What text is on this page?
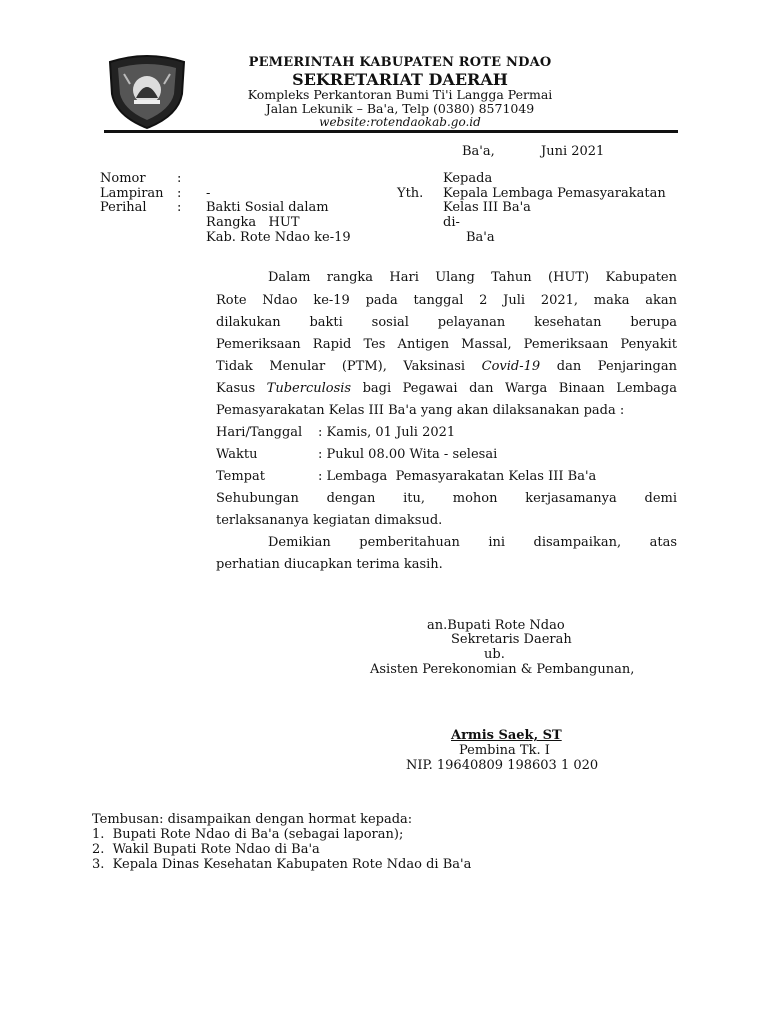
PEMERINTAH KABUPATEN ROTE NDAO
SEKRETARIAT DAERAH
Kompleks Perkantoran Bumi Ti'i Langga Permai
Jalan Lekunik – Ba'a, Telp (0380) 8571049
website:rotendaokab.go.id
Ba'a,	Juni 2021
Nomor :
Lampiran : -
Perihal : Bakti Sosial dalam
Rangka   HUT
Kab. Rote Ndao ke-19
Kepada
Yth. Kepala Lembaga Pemasyarakatan
Kelas III Ba'a
di-
Ba'a
Dalam rangka Hari Ulang Tahun (HUT) Kabupaten
Rote Ndao ke-19 pada tanggal 2 Juli 2021, maka akan
dilakukan bakti sosial pelayanan kesehatan berupa
Pemeriksaan Rapid Tes Antigen Massal, Pemeriksaan Penyakit
Tidak Menular (PTM), Vaksinasi Covid-19 dan Penjaringan
Kasus Tuberculosis bagi Pegawai dan Warga Binaan Lembaga
Pemasyarakatan Kelas III Ba'a yang akan dilaksanakan pada :
Hari/Tanggal : Kamis, 01 Juli 2021
Waktu	: Pukul 08.00 Wita - selesai
Tempat	: Lembaga  Pemasyarakatan Kelas III Ba'a
Sehubungan dengan itu, mohon kerjasamanya demi
terlaksananya kegiatan dimaksud.
Demikian pemberitahuan ini disampaikan, atas
perhatian diucapkan terima kasih.
an.Bupati Rote Ndao
Sekretaris Daerah
ub.
Asisten Perekonomian & Pembangunan,
Armis Saek, ST
Pembina Tk. I
NIP. 19640809 198603 1 020
Tembusan: disampaikan dengan hormat kepada:
1.  Bupati Rote Ndao di Ba'a (sebagai laporan);
2.  Wakil Bupati Rote Ndao di Ba'a
3.  Kepala Dinas Kesehatan Kabupaten Rote Ndao di Ba'a
